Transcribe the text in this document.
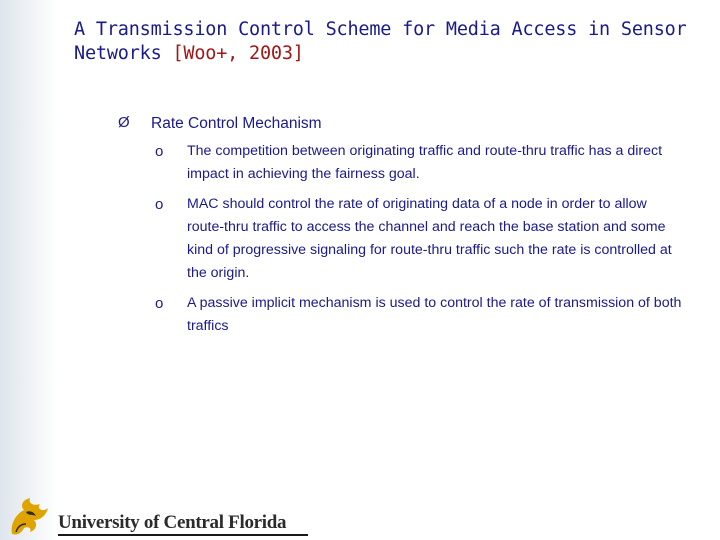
A Transmission Control Scheme for Media Access in Sensor Networks [Woo+, 2003]
Ø Rate Control Mechanism
o The competition between originating traffic and route-thru traffic has a direct impact in achieving the fairness goal.
o MAC should control the rate of originating data of a node in order to allow route-thru traffic to access the channel and reach the base station and some kind of progressive signaling for route-thru traffic such the rate is controlled at the origin.
o A passive implicit mechanism is used to control the rate of transmission of both traffics
University of Central Florida
